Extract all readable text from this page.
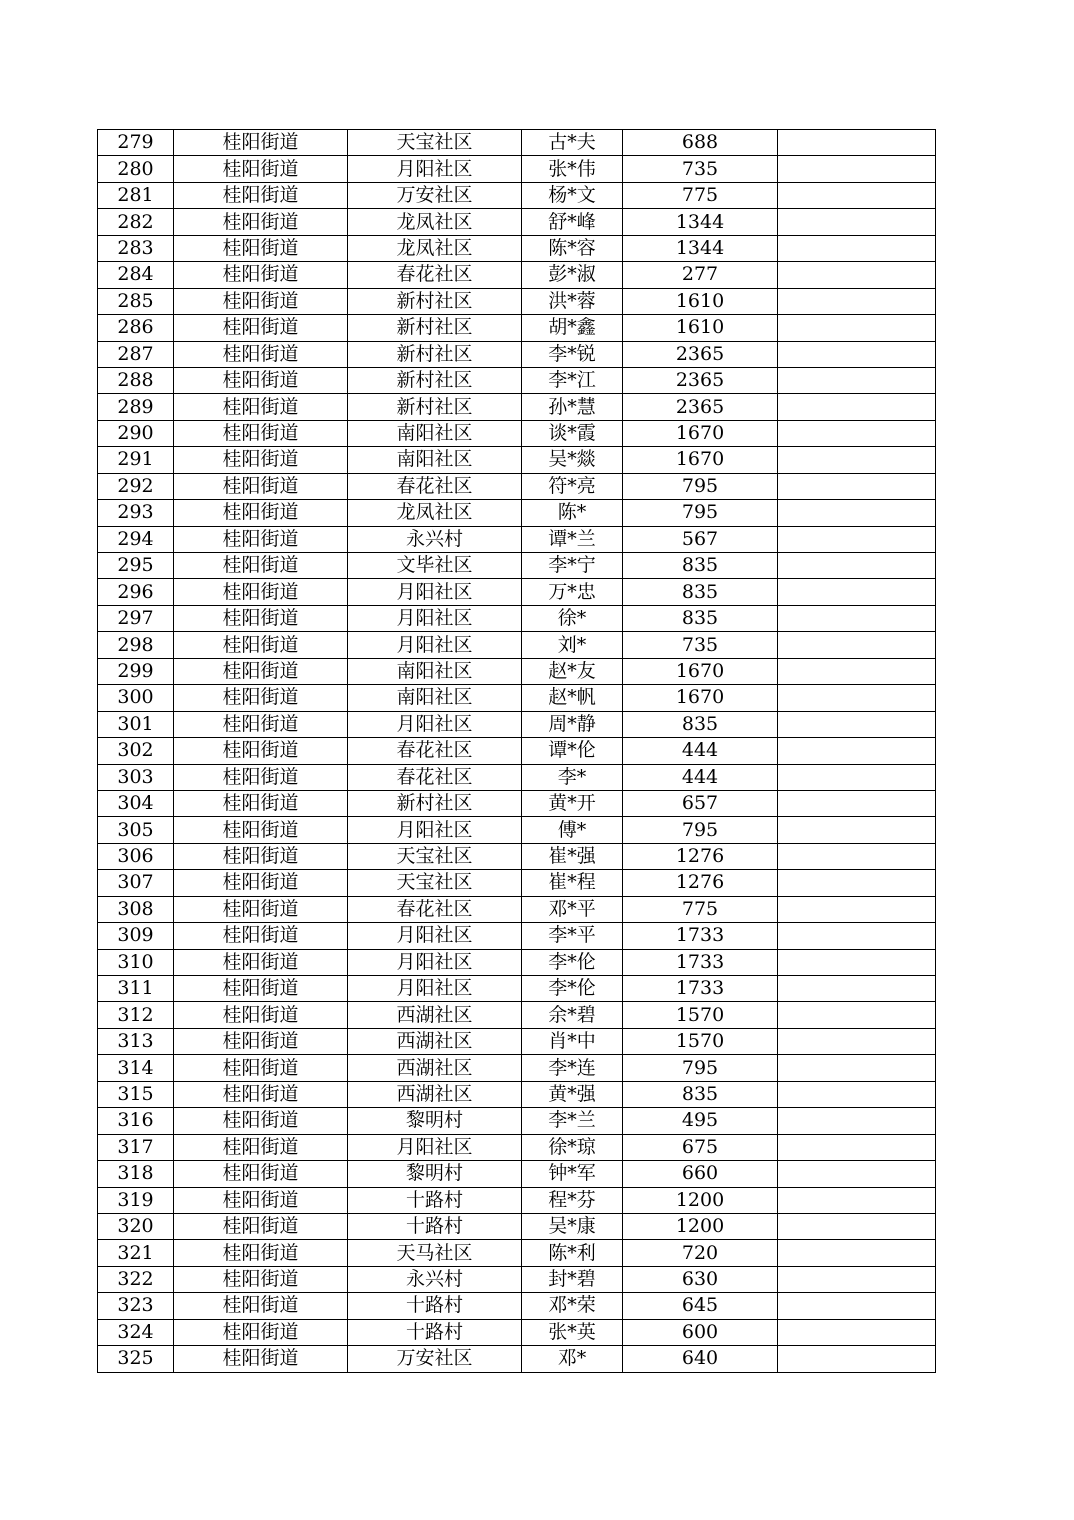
279	桂阳街道	天宝社区	古*夫	688	
280	桂阳街道	月阳社区	张*伟	735	
281	桂阳街道	万安社区	杨*文	775	
282	桂阳街道	龙凤社区	舒*峰	1344	
283	桂阳街道	龙凤社区	陈*容	1344	
284	桂阳街道	春花社区	彭*淑	277	
285	桂阳街道	新村社区	洪*蓉	1610	
286	桂阳街道	新村社区	胡*鑫	1610	
287	桂阳街道	新村社区	李*锐	2365	
288	桂阳街道	新村社区	李*江	2365	
289	桂阳街道	新村社区	孙*慧	2365	
290	桂阳街道	南阳社区	谈*霞	1670	
291	桂阳街道	南阳社区	吴*燚	1670	
292	桂阳街道	春花社区	符*亮	795	
293	桂阳街道	龙凤社区	陈*	795	
294	桂阳街道	永兴村	谭*兰	567	
295	桂阳街道	文毕社区	李*宁	835	
296	桂阳街道	月阳社区	万*忠	835	
297	桂阳街道	月阳社区	徐*	835	
298	桂阳街道	月阳社区	刘*	735	
299	桂阳街道	南阳社区	赵*友	1670	
300	桂阳街道	南阳社区	赵*帆	1670	
301	桂阳街道	月阳社区	周*静	835	
302	桂阳街道	春花社区	谭*伦	444	
303	桂阳街道	春花社区	李*	444	
304	桂阳街道	新村社区	黄*开	657	
305	桂阳街道	月阳社区	傅*	795	
306	桂阳街道	天宝社区	崔*强	1276	
307	桂阳街道	天宝社区	崔*程	1276	
308	桂阳街道	春花社区	邓*平	775	
309	桂阳街道	月阳社区	李*平	1733	
310	桂阳街道	月阳社区	李*伦	1733	
311	桂阳街道	月阳社区	李*伦	1733	
312	桂阳街道	西湖社区	余*碧	1570	
313	桂阳街道	西湖社区	肖*中	1570	
314	桂阳街道	西湖社区	李*连	795	
315	桂阳街道	西湖社区	黄*强	835	
316	桂阳街道	黎明村	李*兰	495	
317	桂阳街道	月阳社区	徐*琼	675	
318	桂阳街道	黎明村	钟*军	660	
319	桂阳街道	十路村	程*芬	1200	
320	桂阳街道	十路村	吴*康	1200	
321	桂阳街道	天马社区	陈*利	720	
322	桂阳街道	永兴村	封*碧	630	
323	桂阳街道	十路村	邓*荣	645	
324	桂阳街道	十路村	张*英	600	
325	桂阳街道	万安社区	邓*	640	
